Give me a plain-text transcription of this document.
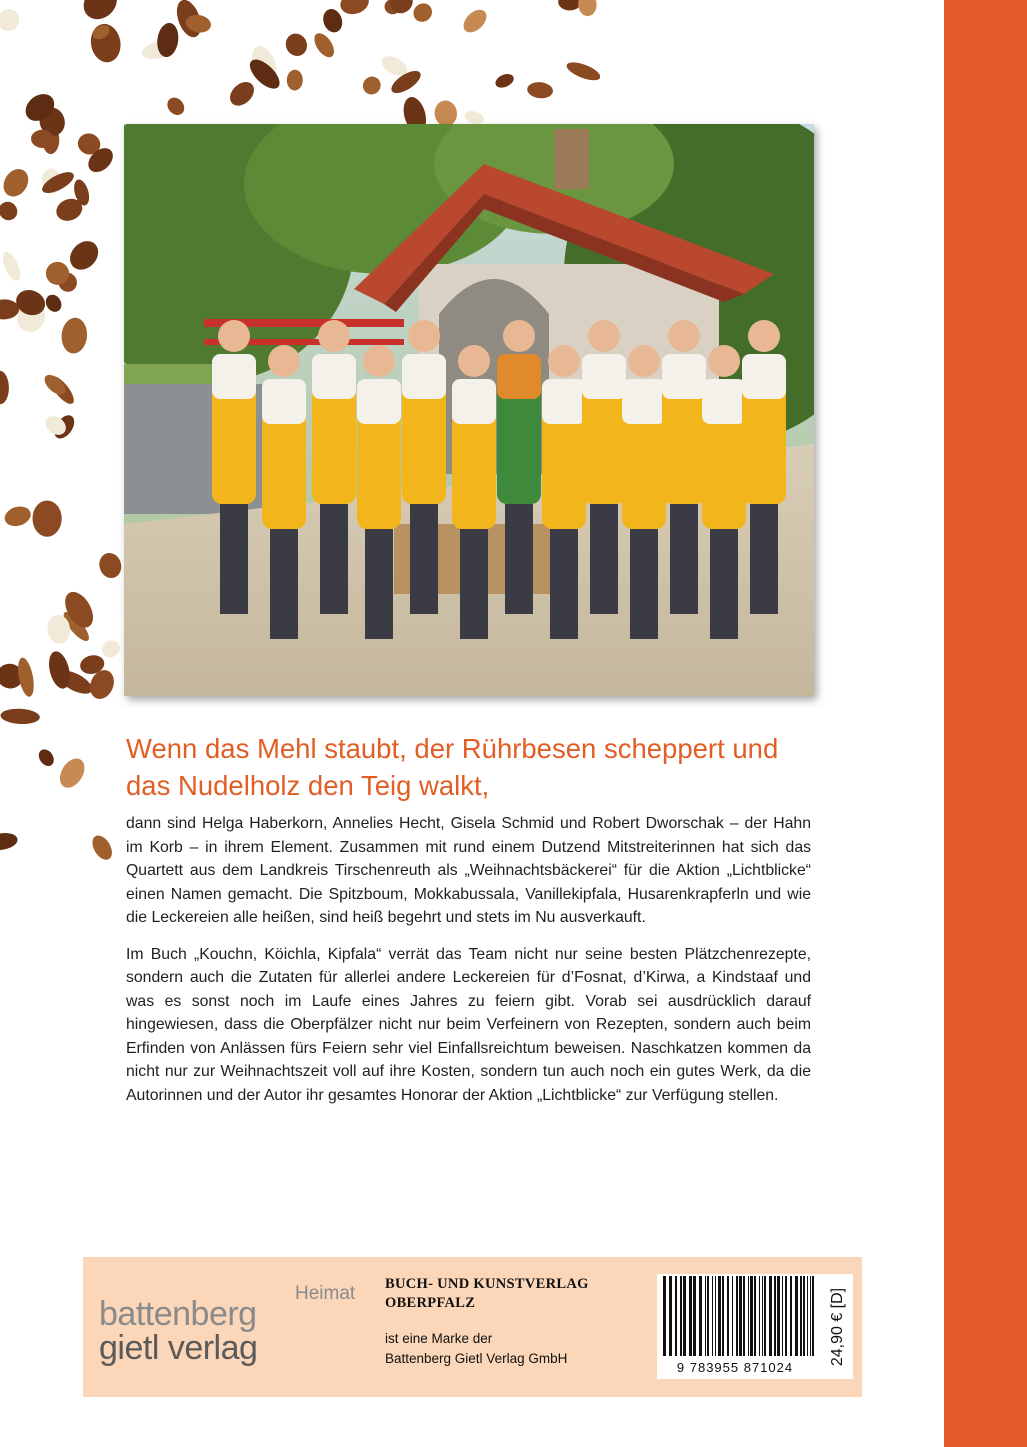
Wenn das Mehl staubt, der Rührbesen scheppert und
das Nudelholz den Teig walkt,

dann sind Helga Haberkorn, Annelies Hecht, Gisela Schmid und Robert Dworschak – der Hahn im Korb – in ihrem Element. Zusammen mit rund einem Dutzend Mitstreiterinnen hat sich das Quartett aus dem Landkreis Tirschenreuth als „Weihnachtsbäckerei“ für die Aktion „Lichtblicke“ einen Namen gemacht. Die Spitzboum, Mokkabussala, Vanillekipfala, Husarenkrapferln und wie die Leckereien alle heißen, sind heiß begehrt und stets im Nu ausverkauft.

Im Buch „Kouchn, Köichla, Kipfala“ verrät das Team nicht nur seine besten Plätzchenrezepte, sondern auch die Zutaten für allerlei andere Leckereien für d’Fosnat, d’Kirwa, a Kindstaaf und was es sonst noch im Laufe eines Jahres zu feiern gibt. Vorab sei ausdrücklich darauf hingewiesen, dass die Oberpfälzer nicht nur beim Verfeinern von Rezepten, sondern auch beim Erfinden von Anlässen fürs Feiern sehr viel Einfallsreichtum beweisen. Naschkatzen kommen da nicht nur zur Weihnachtszeit voll auf ihre Kosten, sondern tun auch noch ein gutes Werk, da die Autorinnen und der Autor ihr gesamtes Honorar der Aktion „Lichtblicke“ zur Verfügung stellen.

Heimat
battenberg
gietl verlag
BUCH- UND KUNSTVERLAG
OBERPFALZ
ist eine Marke der
Battenberg Gietl Verlag GmbH
9 783955 871024
24,90 € [D]
